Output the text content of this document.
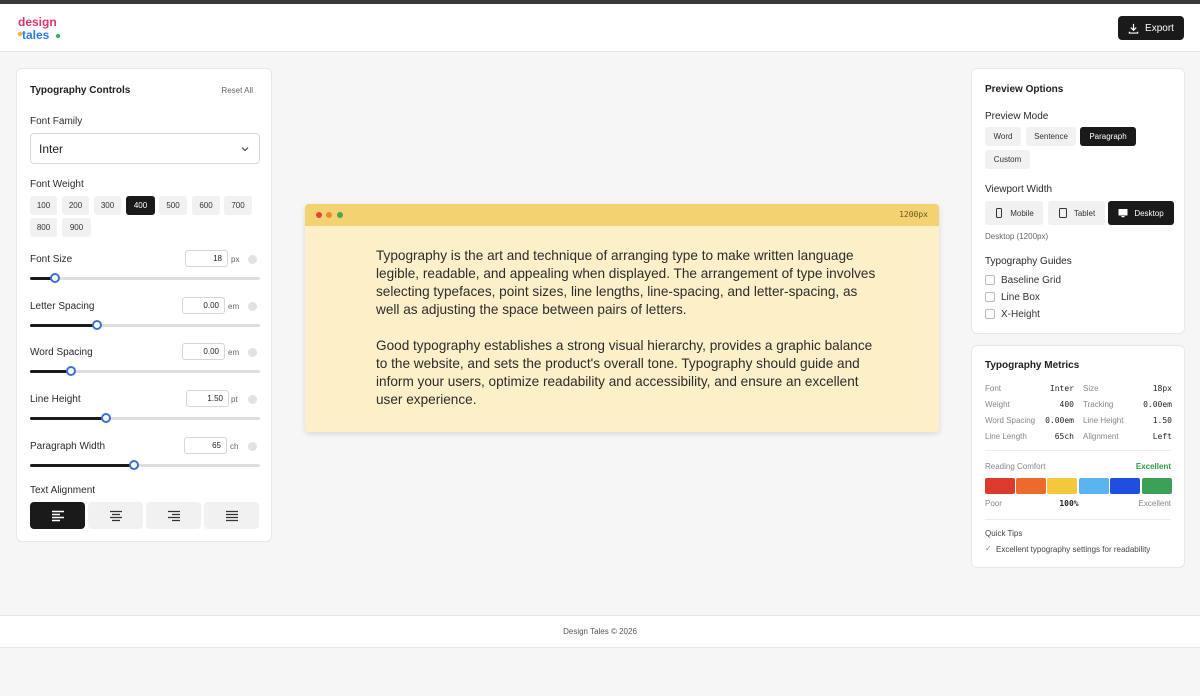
design
tales	Export
Typography Controls	Reset All
Font Family
Inter
Font Weight
100	200	300	400	500	600	700
800	900
Font Size	18	px
Letter Spacing	0.00	em
Word Spacing	0.00	em
Line Height	1.50	pt
Paragraph Width	65	ch
Text Alignment
1200px

Typography is the art and technique of arranging type to make written language legible, readable, and appealing when displayed. The arrangement of type involves selecting typefaces, point sizes, line lengths, line-spacing, and letter-spacing, as well as adjusting the space between pairs of letters.

Good typography establishes a strong visual hierarchy, provides a graphic balance to the website, and sets the product's overall tone. Typography should guide and inform your users, optimize readability and accessibility, and ensure an excellent user experience.

Preview Options
Preview Mode
Word	Sentence	Paragraph
Custom
Viewport Width
Mobile	Tablet	Desktop
Desktop (1200px)
Typography Guides
Baseline Grid
Line Box
X-Height
Typography Metrics
Font	Inter Size	18px
Weight	400 Tracking	0.00em
Word Spacing	0.00em Line Height	1.50
Line Length	65ch Alignment	Left
Reading Comfort	Excellent
Poor	100%	Excellent
Quick Tips
✓ Excellent typography settings for readability
Design Tales © 2026
